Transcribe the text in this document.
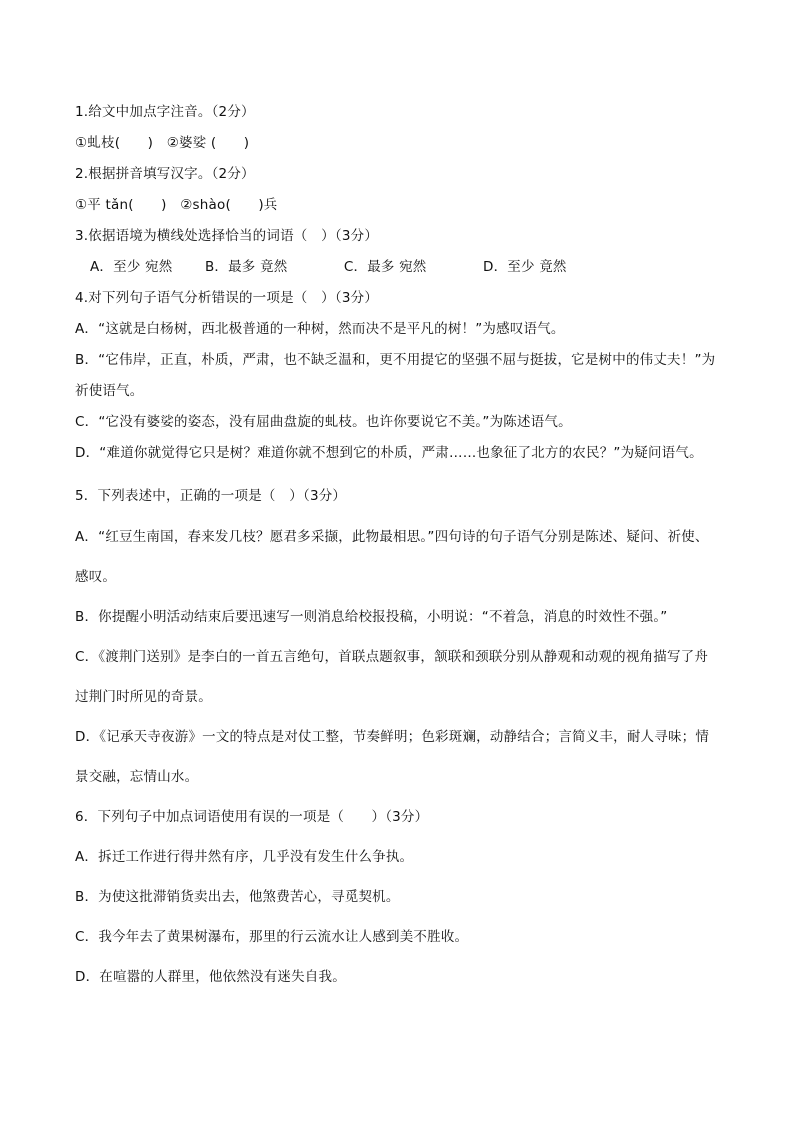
1.给文中加点字注音。（2分）
①虬枝(　　)　②婆娑 (　　)
2.根据拼音填写汉字。（2分）
①平 tǎn(　　)　②shào(　　)兵
3.依据语境为横线处选择恰当的词语（　）（3分）
A．至少 宛然 B．最多 竟然	C．最多 宛然	D．至少 竟然
4.对下列句子语气分析错误的一项是（　）（3分）
A．“这就是白杨树，西北极普通的一种树，然而决不是平凡的树！”为感叹语气。
B．“它伟岸，正直，朴质，严肃，也不缺乏温和，更不用提它的坚强不屈与挺拔，它是树中的伟丈夫！”为
祈使语气。
C．“它没有婆娑的姿态，没有屈曲盘旋的虬枝。也许你要说它不美。”为陈述语气。
D．“难道你就觉得它只是树？难道你就不想到它的朴质，严肃……也象征了北方的农民？”为疑问语气。
5．下列表述中，正确的一项是（　）（3分）
A．“红豆生南国，春来发几枝？愿君多采撷，此物最相思。”四句诗的句子语气分别是陈述、疑问、祈使、
感叹。
B．你提醒小明活动结束后要迅速写一则消息给校报投稿，小明说：“不着急，消息的时效性不强。”
C．《渡荆门送别》是李白的一首五言绝句，首联点题叙事，颔联和颈联分别从静观和动观的视角描写了舟
过荆门时所见的奇景。
D．《记承天寺夜游》一文的特点是对仗工整，节奏鲜明；色彩斑斓，动静结合；言简义丰，耐人寻味；情
景交融，忘情山水。
6．下列句子中加点词语使用有误的一项是（　　）（3分）
A．拆迁工作进行得井然有序，几乎没有发生什么争执。
B．为使这批滞销货卖出去，他煞费苦心，寻觅契机。
C．我今年去了黄果树瀑布，那里的行云流水让人感到美不胜收。
D．在喧嚣的人群里，他依然没有迷失自我。
